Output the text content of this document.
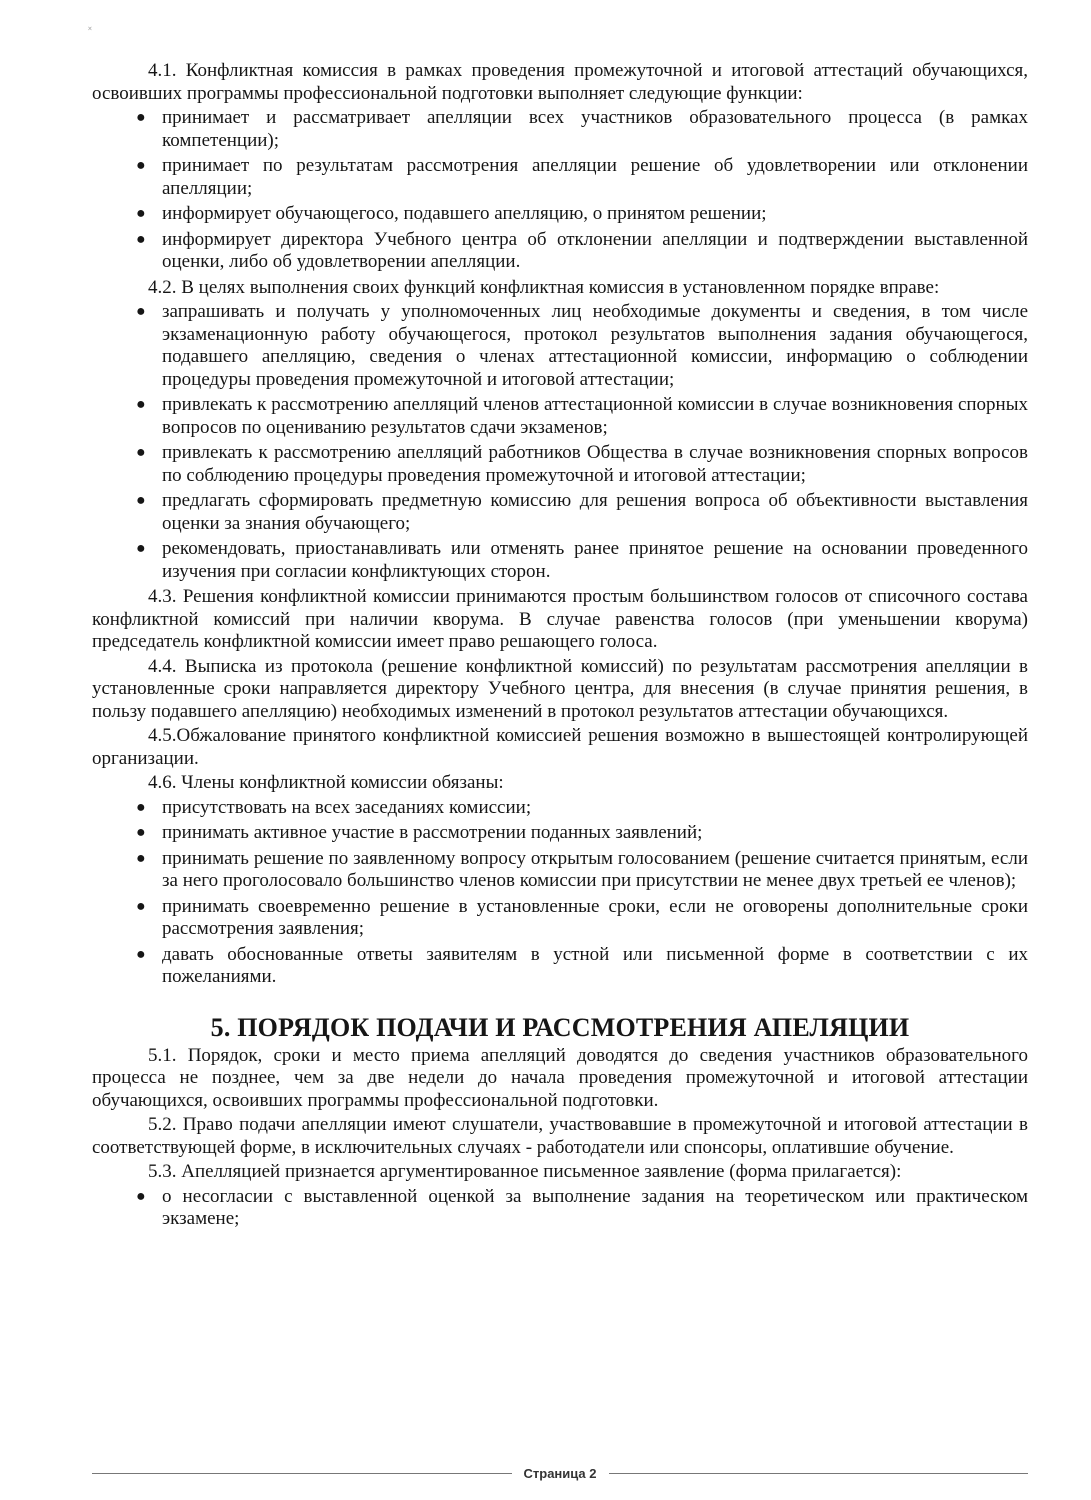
˟

4.1. Конфликтная комиссия в рамках проведения промежуточной и итоговой аттестаций обучающихся, освоивших программы профессиональной подготовки выполняет следующие функции:

● принимает и рассматривает апелляции всех участников образовательного процесса (в рамках компетенции);
● принимает по результатам рассмотрения апелляции решение об удовлетворении или отклонении апелляции;
● информирует обучающегосо, подавшего апелляцию, о принятом решении;
● информирует директора Учебного центра об отклонении апелляции и подтверждении выставленной оценки, либо об удовлетворении апелляции.

4.2. В целях выполнения своих функций конфликтная комиссия в установленном порядке вправе:

● запрашивать и получать у уполномоченных лиц необходимые документы и сведения, в том числе экзаменационную работу обучающегося, протокол результатов выполнения задания обучающегося, подавшего апелляцию, сведения о членах аттестационной комиссии, информацию о соблюдении процедуры проведения промежуточной и итоговой аттестации;
● привлекать к рассмотрению апелляций членов аттестационной комиссии в случае возникновения спорных вопросов по оцениванию результатов сдачи экзаменов;
● привлекать к рассмотрению апелляций работников Общества в случае возникновения спорных вопросов по соблюдению процедуры проведения промежуточной и итоговой аттестации;
● предлагать сформировать предметную комиссию для решения вопроса об объективности выставления оценки за знания обучающего;
● рекомендовать, приостанавливать или отменять ранее принятое решение на основании проведенного изучения при согласии конфликтующих сторон.

4.3. Решения конфликтной комиссии принимаются простым большинством голосов от списочного состава конфликтной комиссий при наличии кворума. В случае равенства голосов (при уменьшении кворума) председатель конфликтной комиссии имеет право решающего голоса.

4.4. Выписка из протокола (решение конфликтной комиссий) по результатам рассмотрения апелляции в установленные сроки направляется директору Учебного центра, для внесения (в случае принятия решения, в пользу подавшего апелляцию) необходимых изменений в протокол результатов аттестации обучающихся.

4.5.Обжалование принятого конфликтной комиссией решения возможно в вышестоящей контролирующей организации.

4.6. Члены конфликтной комиссии обязаны:

● присутствовать на всех заседаниях комиссии;
● принимать активное участие в рассмотрении поданных заявлений;
● принимать решение по заявленному вопросу открытым голосованием (решение считается принятым, если за него проголосовало большинство членов комиссии при присутствии не менее двух третьей ее членов);
● принимать своевременно решение в установленные сроки, если не оговорены дополнительные сроки рассмотрения заявления;
● давать обоснованные ответы заявителям в устной или письменной форме в соответствии с их пожеланиями.
5. ПОРЯДОК ПОДАЧИ И РАССМОТРЕНИЯ АПЕЛЯЦИИ

5.1. Порядок, сроки и место приема апелляций доводятся до сведения участников образовательного процесса не позднее, чем за две недели до начала проведения промежуточной и итоговой аттестации обучающихся, освоивших программы профессиональной подготовки.

5.2. Право подачи апелляции имеют слушатели, участвовавшие в промежуточной и итоговой аттестации в соответствующей форме, в исключительных случаях - работодатели или спонсоры, оплатившие обучение.

5.3. Апелляцией признается аргументированное письменное заявление (форма прилагается):

● о несогласии с выставленной оценкой за выполнение задания на теоретическом или практическом экзамене;
Страница 2
